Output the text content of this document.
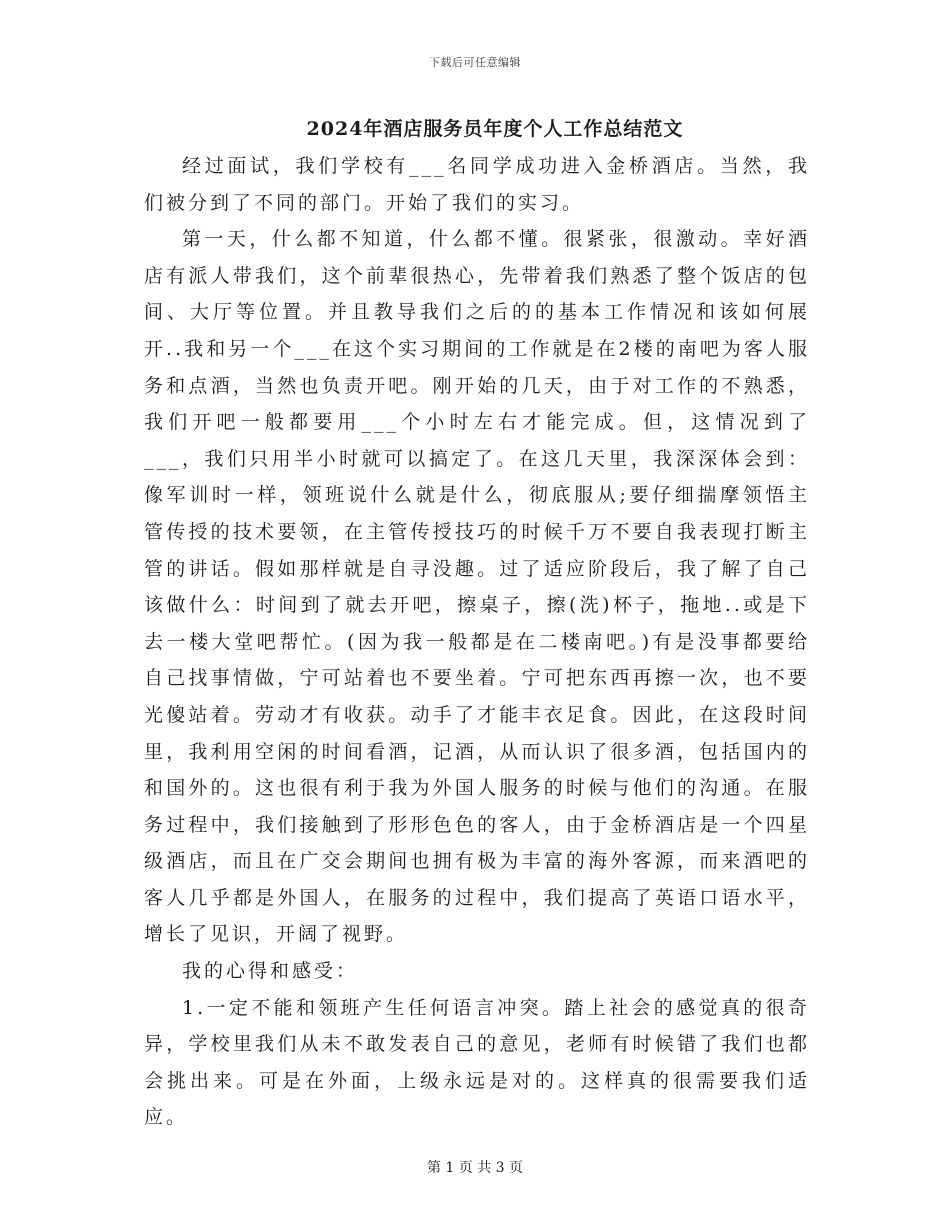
下载后可任意编辑
2024年酒店服务员年度个人工作总结范文

经过面试，我们学校有___名同学成功进入金桥酒店。当然，我们被分到了不同的部门。开始了我们的实习。

第一天，什么都不知道，什么都不懂。很紧张，很激动。幸好酒店有派人带我们，这个前辈很热心，先带着我们熟悉了整个饭店的包间、大厅等位置。并且教导我们之后的的基本工作情况和该如何展开..我和另一个___在这个实习期间的工作就是在2楼的南吧为客人服务和点酒，当然也负责开吧。刚开始的几天，由于对工作的不熟悉，我们开吧一般都要用___个小时左右才能完成。但，这情况到了___，我们只用半小时就可以搞定了。在这几天里，我深深体会到：像军训时一样，领班说什么就是什么，彻底服从;要仔细揣摩领悟主管传授的技术要领，在主管传授技巧的时候千万不要自我表现打断主管的讲话。假如那样就是自寻没趣。过了适应阶段后，我了解了自己该做什么：时间到了就去开吧，擦桌子，擦(洗)杯子，拖地..或是下去一楼大堂吧帮忙。(因为我一般都是在二楼南吧。)有是没事都要给自己找事情做，宁可站着也不要坐着。宁可把东西再擦一次，也不要光傻站着。劳动才有收获。动手了才能丰衣足食。因此，在这段时间里，我利用空闲的时间看酒，记酒，从而认识了很多酒，包括国内的和国外的。这也很有利于我为外国人服务的时候与他们的沟通。在服务过程中，我们接触到了形形色色的客人，由于金桥酒店是一个四星级酒店，而且在广交会期间也拥有极为丰富的海外客源，而来酒吧的客人几乎都是外国人，在服务的过程中，我们提高了英语口语水平，增长了见识，开阔了视野。

我的心得和感受：

1.一定不能和领班产生任何语言冲突。踏上社会的感觉真的很奇异，学校里我们从未不敢发表自己的意见，老师有时候错了我们也都会挑出来。可是在外面，上级永远是对的。这样真的很需要我们适应。

第 1 页 共 3 页
